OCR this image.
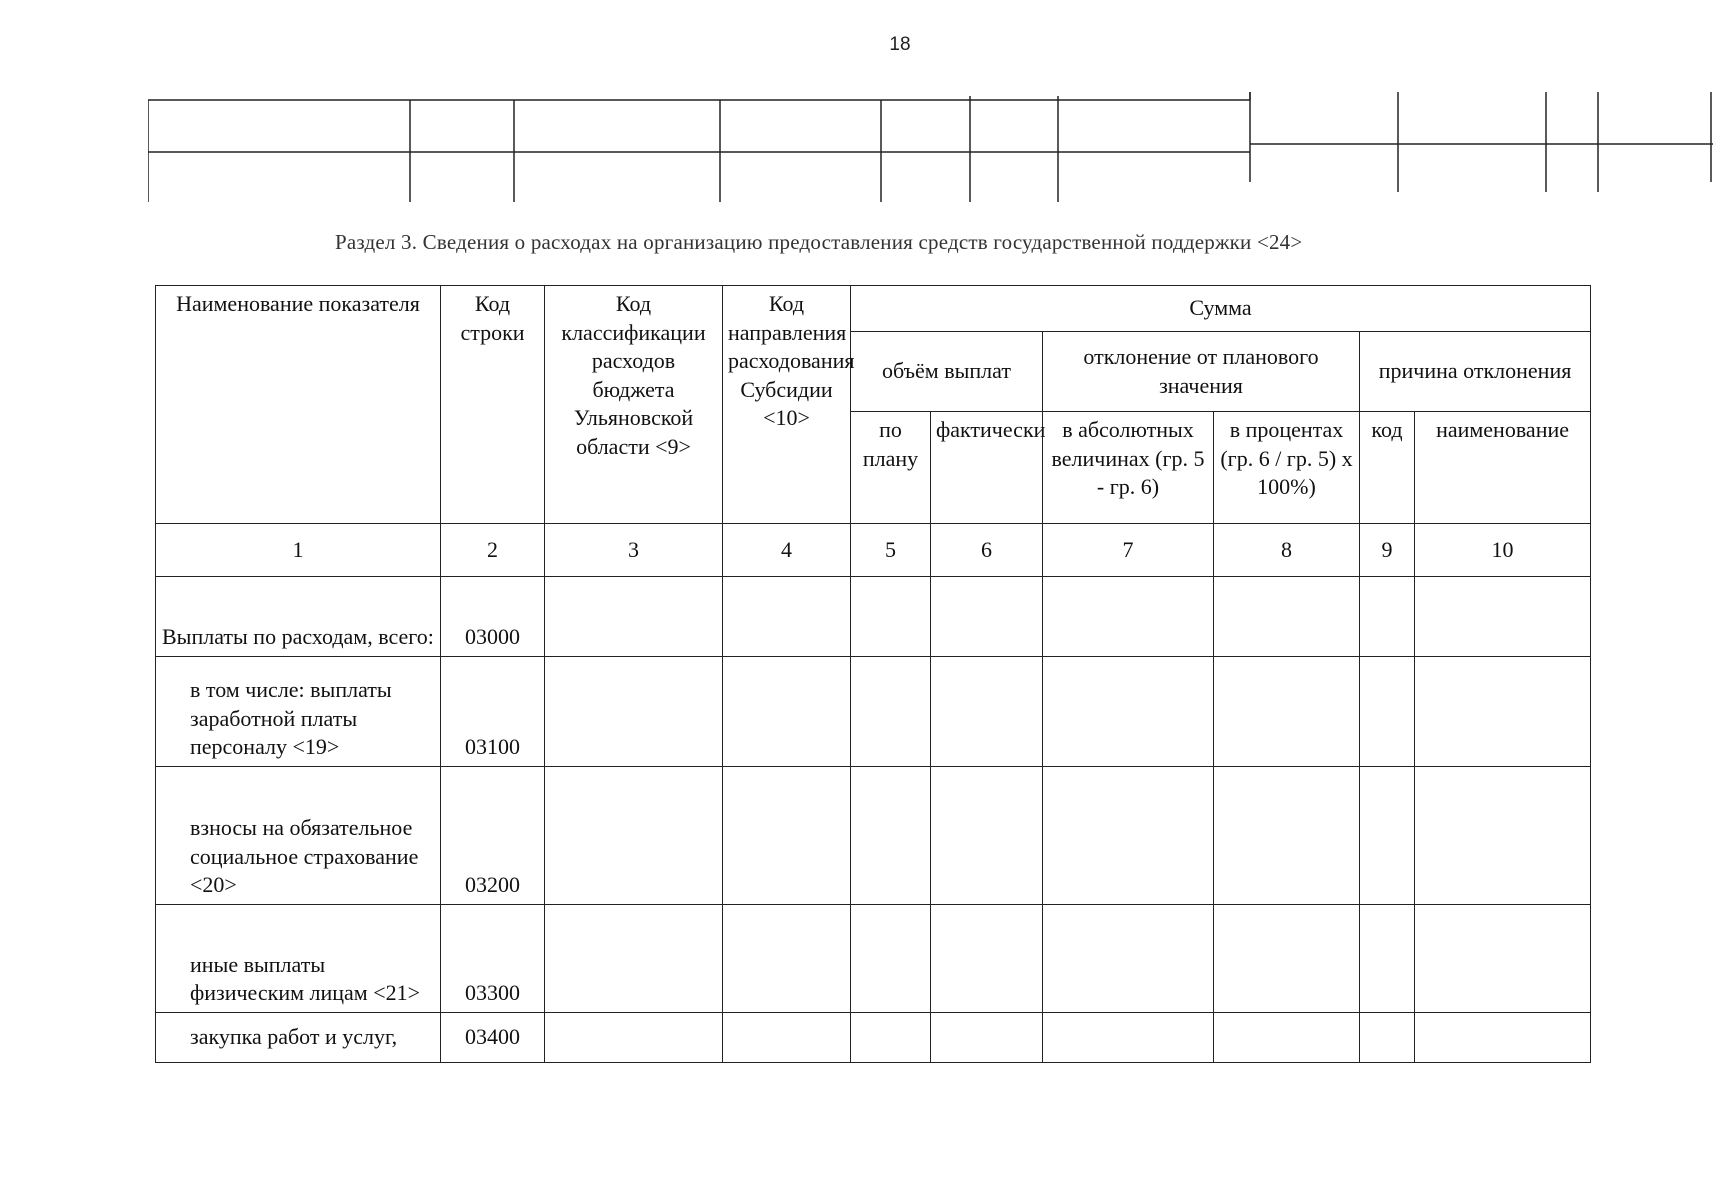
18
Раздел 3. Сведения о расходах на организацию предоставления средств государственной поддержки <24>
Наименование показателя	Код строки	Код классификации расходов бюджета Ульяновской области <9>	Код направления расходования Субсидии <10>	Сумма					
				объём выплат		отклонение от планового значения		причина отклонения	
				по плану	фактически	в абсолютных величинах (гр. 5 - гр. 6)	в процентах (гр. 6 / гр. 5) х 100%)	код	наименование
1	2	3	4	5	6	7	8	9	10
Выплаты по расходам, всего:	03000								
в том числе: выплаты заработной платы персоналу <19>	03100								
взносы на обязательное социальное страхование <20>	03200								
иные выплаты физическим лицам <21>	03300								
закупка работ и услуг,	03400								
